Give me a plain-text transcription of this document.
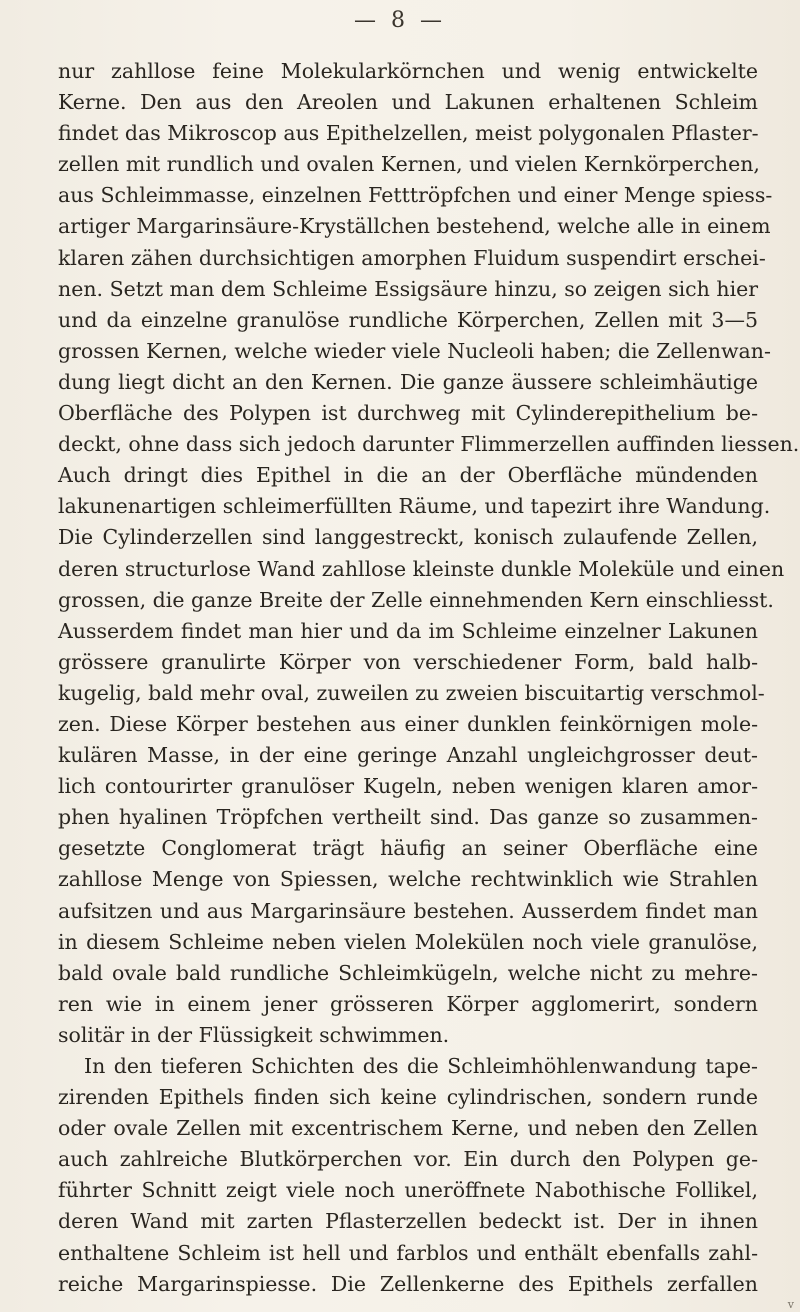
— 8 —
nur zahllose feine Molekularkörnchen und wenig entwickelte
Kerne. Den aus den Areolen und Lakunen erhaltenen Schleim
findet das Mikroscop aus Epithelzellen, meist polygonalen Pflaster-
zellen mit rundlich und ovalen Kernen, und vielen Kernkörperchen,
aus Schleimmasse, einzelnen Fetttröpfchen und einer Menge spiess-
artiger Margarinsäure-Kryställchen bestehend, welche alle in einem
klaren zähen durchsichtigen amorphen Fluidum suspendirt erschei-
nen. Setzt man dem Schleime Essigsäure hinzu, so zeigen sich hier
und da einzelne granulöse rundliche Körperchen, Zellen mit 3—5
grossen Kernen, welche wieder viele Nucleoli haben; die Zellenwan-
dung liegt dicht an den Kernen. Die ganze äussere schleimhäutige
Oberfläche des Polypen ist durchweg mit Cylinderepithelium be-
deckt, ohne dass sich jedoch darunter Flimmerzellen auffinden liessen.
Auch dringt dies Epithel in die an der Oberfläche mündenden
lakunenartigen schleimerfüllten Räume, und tapezirt ihre Wandung.
Die Cylinderzellen sind langgestreckt, konisch zulaufende Zellen,
deren structurlose Wand zahllose kleinste dunkle Moleküle und einen
grossen, die ganze Breite der Zelle einnehmenden Kern einschliesst.
Ausserdem findet man hier und da im Schleime einzelner Lakunen
grössere granulirte Körper von verschiedener Form, bald halb-
kugelig, bald mehr oval, zuweilen zu zweien biscuitartig verschmol-
zen. Diese Körper bestehen aus einer dunklen feinkörnigen mole-
kulären Masse, in der eine geringe Anzahl ungleichgrosser deut-
lich contourirter granulöser Kugeln, neben wenigen klaren amor-
phen hyalinen Tröpfchen vertheilt sind. Das ganze so zusammen-
gesetzte Conglomerat trägt häufig an seiner Oberfläche eine
zahllose Menge von Spiessen, welche rechtwinklich wie Strahlen
aufsitzen und aus Margarinsäure bestehen. Ausserdem findet man
in diesem Schleime neben vielen Molekülen noch viele granulöse,
bald ovale bald rundliche Schleimkügeln, welche nicht zu mehre-
ren wie in einem jener grösseren Körper agglomerirt, sondern
solitär in der Flüssigkeit schwimmen.
In den tieferen Schichten des die Schleimhöhlenwandung tape-
zirenden Epithels finden sich keine cylindrischen, sondern runde
oder ovale Zellen mit excentrischem Kerne, und neben den Zellen
auch zahlreiche Blutkörperchen vor. Ein durch den Polypen ge-
führter Schnitt zeigt viele noch uneröffnete Nabothische Follikel,
deren Wand mit zarten Pflasterzellen bedeckt ist. Der in ihnen
enthaltene Schleim ist hell und farblos und enthält ebenfalls zahl-
reiche Margarinspiesse. Die Zellenkerne des Epithels zerfallen
v
